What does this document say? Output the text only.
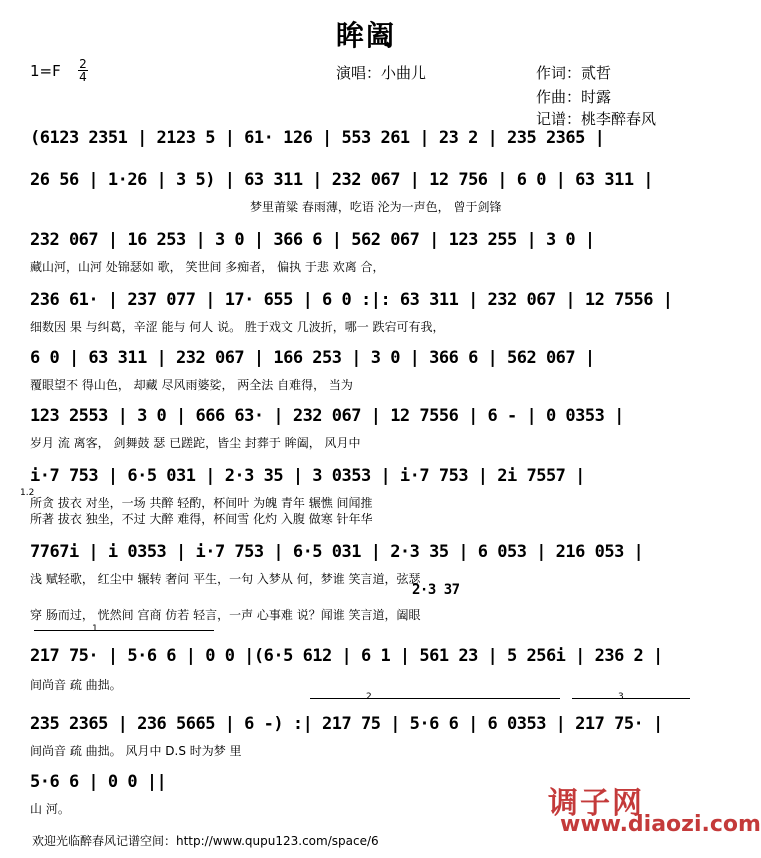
眸阖
1=F 2
4	演唱：小曲儿	作词：贰哲
作曲：时露
记谱：桃李醉春风
(6123 2351 | 2123 5 | 61· 126 | 553 261 | 23 2 | 235 2365 |
26 56 | 1·26 | 3 5) | 63 311 | 232 067 | 12 756 | 6 0 | 63 311 |
梦里莆粱 春雨薄，吃语 沦为一声色， 曾于剑锋
232 067 | 16 253 | 3 0 | 366 6 | 562 067 | 123 255 | 3 0 |
藏山河，山河 处锦瑟如 歌， 笑世间 多痴者， 偏执 于悲 欢离 合，
236 61· | 237 077 | 17· 655 | 6 0 :|: 63 311 | 232 067 | 12 7556 |
细数因 果 与纠葛，辛涩 能与 何人 说。 胜于戏文 几波折，哪一 跌宕可有我，
6 0 | 63 311 | 232 067 | 166 253 | 3 0 | 366 6 | 562 067 |
覆眼望不 得山色， 却藏 尽风雨婆娑， 两全法 自难得， 当为
123 2553 | 3 0 | 666 63· | 232 067 | 12 7556 | 6 - | 0 0353 |
岁月 流 离客， 剑舞鼓 瑟 已蹉跎，皆尘 封葬于 眸阖， 风月中
i·7 753 | 6·5 031 | 2·3 35 | 3 0353 | i·7 753 | 2i 7557 |
1.2
所贪 拔衣 对坐，一场 共醉 轻酌，杯间叶 为魄 青年 辗憔 间闻推
所著 拔衣 独坐，不过 大醉 难得，杯间雪 化灼 入腹 做寒 针年华
7767i | i 0353 | i·7 753 | 6·5 031 | 2·3 35 | 6 053 | 216 053 |
浅 赋轻歌， 红尘中 辗转 奢问 平生，一句 入梦从 何，梦谁 笑言道，弦瑟
2·3 37
穿 肠而过， 恍然间 宫商 仿若 轻言，一声 心事难 说？闻谁 笑言道，阖眼
1
217 75· | 5·6 6 | 0 0 |(6·5 612 | 6 1 | 561 23 | 5 256i | 236 2 |
间尚音 疏 曲拙。
2	3
235 2365 | 236 5665 | 6 -) :| 217 75 | 5·6 6 | 6 0353 | 217 75· |
间尚音 疏 曲拙。 风月中 D.S 时为梦 里
5·6 6 | 0 0 ||
山 河。
欢迎光临醉春风记谱空间：http://www.qupu123.com/space/6
调子网
www.diaozi.com
